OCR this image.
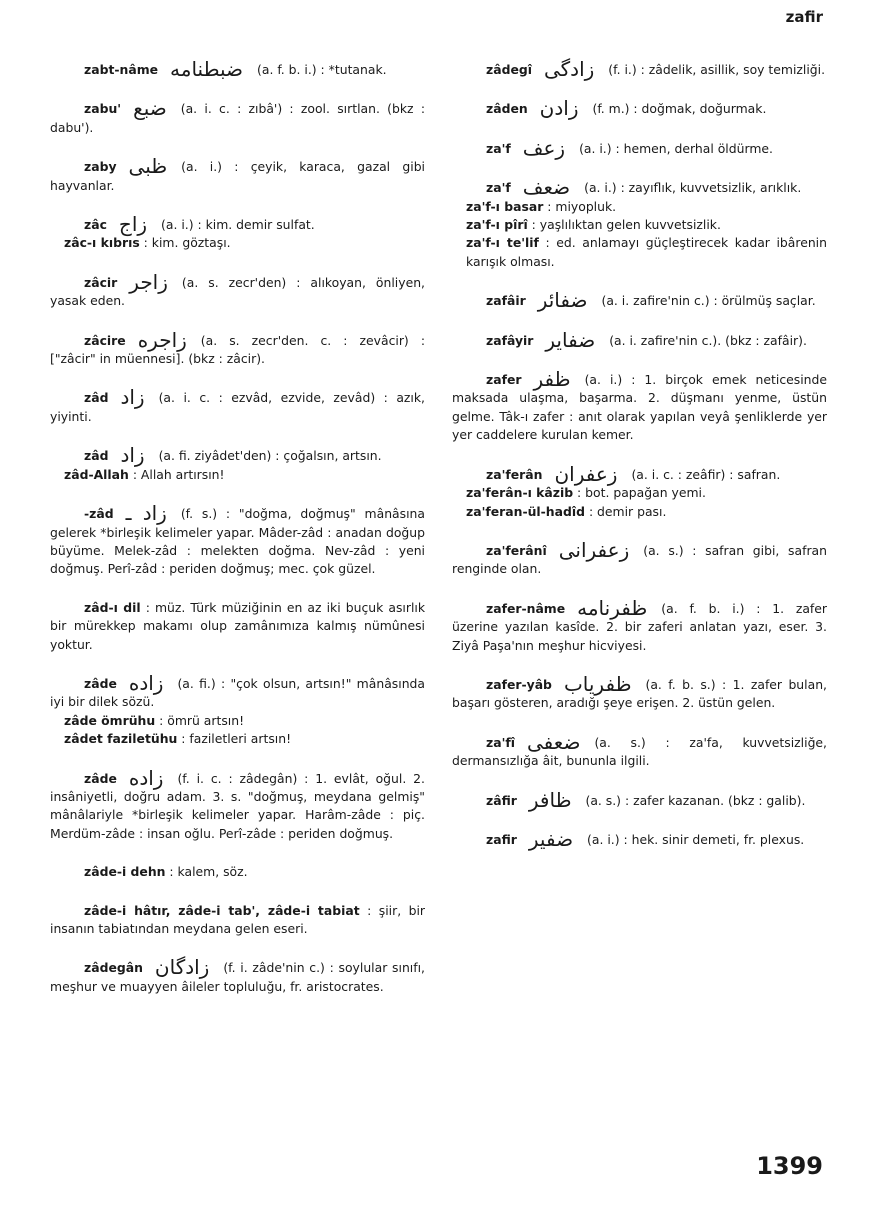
zafir

zabt-nâme ضبطنامه (a. f. b. i.) : *tutanak.

zabu' ضبع (a. i. c. : zıbâ') : zool. sırtlan. (bkz : dabu').

zaby ظبی (a. i.) : çeyik, karaca, gazal gibi hayvanlar.

zâc زاج (a. i.) : kim. demir sulfat.

zâc-ı kıbrıs : kim. göztaşı.

zâcir زاجر (a. s. zecr'den) : alıkoyan, önliyen, yasak eden.

zâcire زاجره (a. s. zecr'den. c. : zevâcir) : ["zâcir" in müennesi]. (bkz : zâcir).

zâd زاد (a. i. c. : ezvâd, ezvide, zevâd) : azık, yiyinti.

zâd زاد (a. fi. ziyâdet'den) : çoğalsın, artsın.

zâd-Allah : Allah artırsın!

-zâd زاد ـ (f. s.) : "doğma, doğmuş" mânâsına gelerek *birleşik kelimeler yapar. Mâder-zâd : anadan doğup büyüme. Melek-zâd : melekten doğma. Nev-zâd : yeni doğmuş. Perî-zâd : periden doğmuş; mec. çok güzel.

zâd-ı dil : müz. Türk müziğinin en az iki buçuk asırlık bir mürekkep makamı olup zamânımıza kalmış nümûnesi yoktur.

zâde زاده (a. fi.) : "çok olsun, artsın!" mânâsında iyi bir dilek sözü.

zâde ömrühu : ömrü artsın!

zâdet faziletühu : faziletleri artsın!

zâde زاده (f. i. c. : zâdegân) : 1. evlât, oğul. 2. insâniyetli, doğru adam. 3. s. "doğmuş, meydana gelmiş" mânâlariyle *birleşik kelimeler yapar. Harâm-zâde : piç. Merdüm-zâde : insan oğlu. Perî-zâde : periden doğmuş.

zâde-i dehn : kalem, söz.

zâde-i hâtır, zâde-i tab', zâde-i tabiat : şiir, bir insanın tabiatından meydana gelen eseri.

zâdegân زادگان (f. i. zâde'nin c.) : soylular sınıfı, meşhur ve muayyen âileler topluluğu, fr. aristocrates.

zâdegî زادگی (f. i.) : zâdelik, asillik, soy temizliği.

zâden زادن (f. m.) : doğmak, doğurmak.

za'f زعف (a. i.) : hemen, derhal öldürme.

za'f ضعف (a. i.) : zayıflık, kuvvetsizlik, arıklık.

za'f-ı basar : miyopluk.

za'f-ı pîrî : yaşlılıktan gelen kuvvetsizlik.

za'f-ı te'lif : ed. anlamayı güçleştirecek kadar ibârenin karışık olması.

zafâir ضفائر (a. i. zafire'nin c.) : örülmüş saçlar.

zafâyir ضفایر (a. i. zafire'nin c.). (bkz : zafâir).

zafer ظفر (a. i.) : 1. birçok emek neticesinde maksada ulaşma, başarma. 2. düşmanı yenme, üstün gelme. Tâk-ı zafer : anıt olarak yapılan veyâ şenliklerde yer yer caddelere kurulan kemer.

za'ferân زعفران (a. i. c. : zeâfir) : safran.

za'ferân-ı kâzib : bot. papağan yemi.

za'feran-ül-hadîd : demir pası.

za'ferânî زعفرانی (a. s.) : safran gibi, safran renginde olan.

zafer-nâme ظفرنامه (a. f. b. i.) : 1. zafer üzerine yazılan kasîde. 2. bir zaferi anlatan yazı, eser. 3. Ziyâ Paşa'nın meşhur hicviyesi.

zafer-yâb ظفریاب (a. f. b. s.) : 1. zafer bulan, başarı gösteren, aradığı şeye erişen. 2. üstün gelen.

za'fî ضعفی (a. s.) : za'fa, kuvvetsizliğe, dermansızlığa âit, bununla ilgili.

zâfir ظافر (a. s.) : zafer kazanan. (bkz : galib).

zafir ضفیر (a. i.) : hek. sinir demeti, fr. plexus.

1399
